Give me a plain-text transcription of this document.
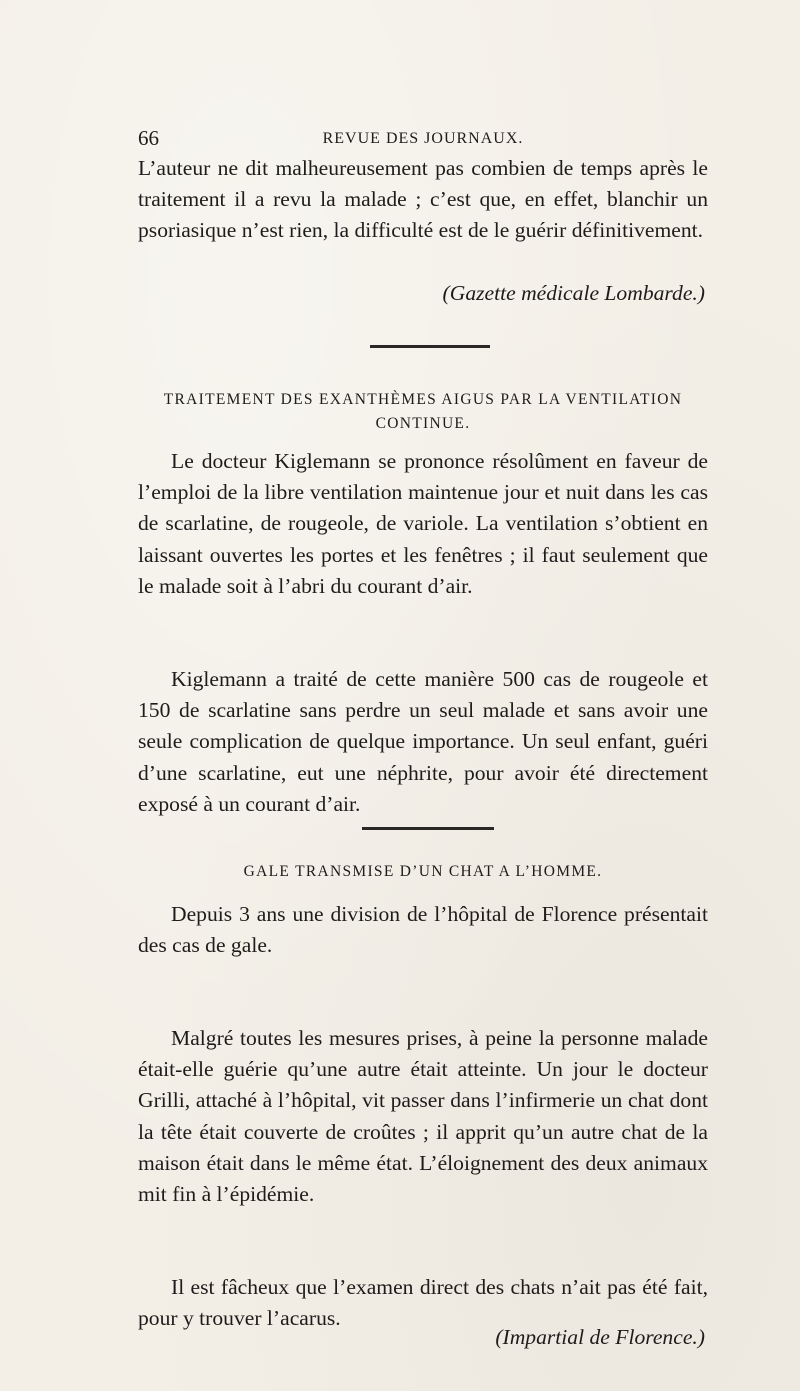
66	REVUE DES JOURNAUX.

L’auteur ne dit malheureusement pas combien de temps après le traitement il a revu la malade ; c’est que, en effet, blanchir un psoriasique n’est rien, la difficulté est de le guérir définitivement.

(Gazette médicale Lombarde.)

TRAITEMENT DES EXANTHÈMES AIGUS PAR LA VENTILATION
CONTINUE.

Le docteur Kiglemann se prononce résolûment en faveur de l’emploi de la libre ventilation maintenue jour et nuit dans les cas de scarlatine, de rougeole, de variole. La ventilation s’obtient en laissant ouvertes les portes et les fenêtres ; il faut seulement que le malade soit à l’abri du courant d’air.

Kiglemann a traité de cette manière 500 cas de rougeole et 150 de scarlatine sans perdre un seul malade et sans avoir une seule complication de quelque importance. Un seul enfant, guéri d’une scarlatine, eut une néphrite, pour avoir été directement exposé à un courant d’air.

GALE TRANSMISE D’UN CHAT A L’HOMME.

Depuis 3 ans une division de l’hôpital de Florence présentait des cas de gale.

Malgré toutes les mesures prises, à peine la personne malade était-elle guérie qu’une autre était atteinte. Un jour le docteur Grilli, attaché à l’hôpital, vit passer dans l’infirmerie un chat dont la tête était couverte de croûtes ; il apprit qu’un autre chat de la maison était dans le même état. L’éloignement des deux animaux mit fin à l’épidémie.

Il est fâcheux que l’examen direct des chats n’ait pas été fait, pour y trouver l’acarus.

(Impartial de Florence.)
